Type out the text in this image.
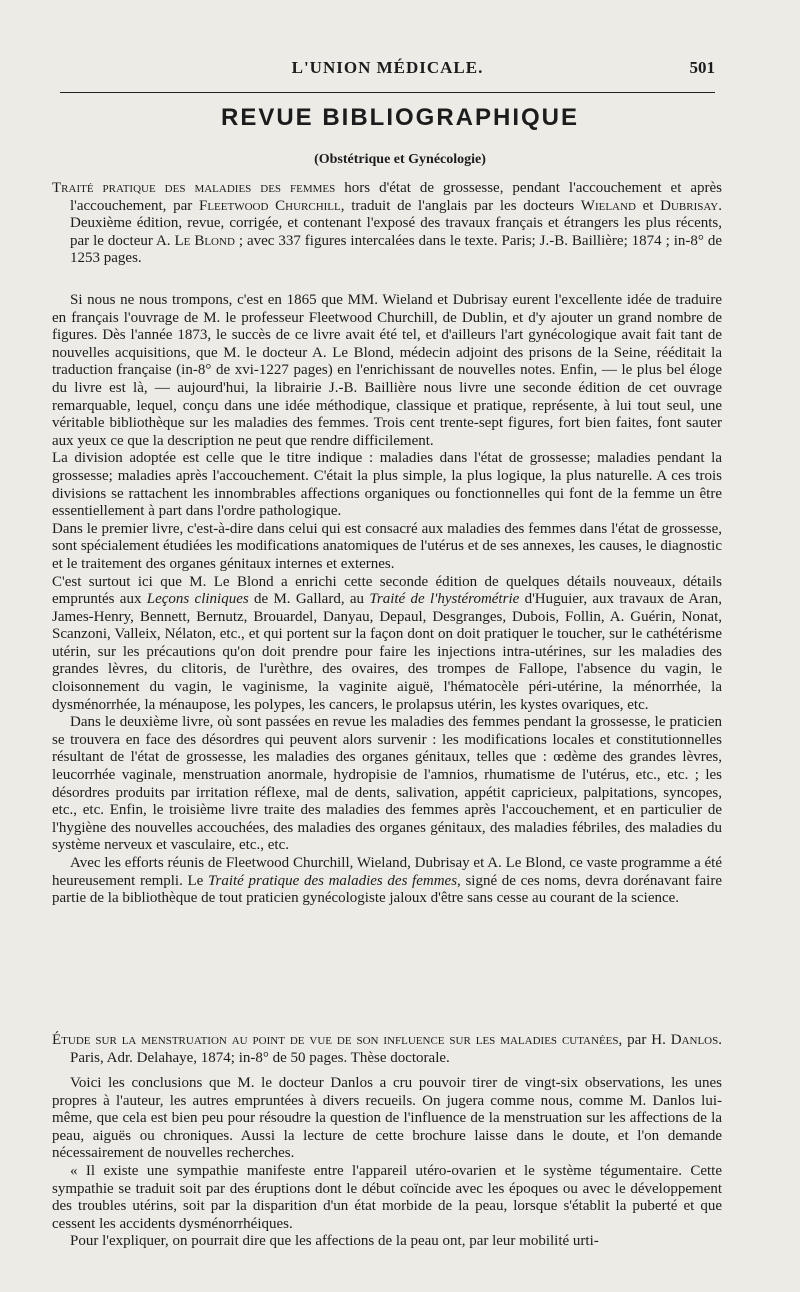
L'UNION MÉDICALE.	501
REVUE BIBLIOGRAPHIQUE
(Obstétrique et Gynécologie)

Traité pratique des maladies des femmes hors d'état de grossesse, pendant l'accouchement et après l'accouchement, par Fleetwood Churchill, traduit de l'anglais par les docteurs Wieland et Dubrisay. Deuxième édition, revue, corrigée, et contenant l'exposé des travaux français et étrangers les plus récents, par le docteur A. Le Blond ; avec 337 figures intercalées dans le texte. Paris; J.-B. Baillière; 1874 ; in-8° de 1253 pages.

Si nous ne nous trompons, c'est en 1865 que MM. Wieland et Dubrisay eurent l'excellente idée de traduire en français l'ouvrage de M. le professeur Fleetwood Churchill, de Dublin, et d'y ajouter un grand nombre de figures. Dès l'année 1873, le succès de ce livre avait été tel, et d'ailleurs l'art gynécologique avait fait tant de nouvelles acquisitions, que M. le docteur A. Le Blond, médecin adjoint des prisons de la Seine, rééditait la traduction française (in-8° de xvi-1227 pages) en l'enrichissant de nouvelles notes. Enfin, — le plus bel éloge du livre est là, — aujourd'hui, la librairie J.-B. Baillière nous livre une seconde édition de cet ouvrage remarquable, lequel, conçu dans une idée méthodique, classique et pratique, représente, à lui tout seul, une véritable bibliothèque sur les maladies des femmes. Trois cent trente-sept figures, fort bien faites, font sauter aux yeux ce que la description ne peut que rendre difficilement.

La division adoptée est celle que le titre indique : maladies dans l'état de grossesse; maladies pendant la grossesse; maladies après l'accouchement. C'était la plus simple, la plus logique, la plus naturelle. A ces trois divisions se rattachent les innombrables affections organiques ou fonctionnelles qui font de la femme un être essentiellement à part dans l'ordre pathologique.

Dans le premier livre, c'est-à-dire dans celui qui est consacré aux maladies des femmes dans l'état de grossesse, sont spécialement étudiées les modifications anatomiques de l'utérus et de ses annexes, les causes, le diagnostic et le traitement des organes génitaux internes et externes.

C'est surtout ici que M. Le Blond a enrichi cette seconde édition de quelques détails nouveaux, détails empruntés aux Leçons cliniques de M. Gallard, au Traité de l'hystérométrie d'Huguier, aux travaux de Aran, James-Henry, Bennett, Bernutz, Brouardel, Danyau, Depaul, Desgranges, Dubois, Follin, A. Guérin, Nonat, Scanzoni, Valleix, Nélaton, etc., et qui portent sur la façon dont on doit pratiquer le toucher, sur le cathétérisme utérin, sur les précautions qu'on doit prendre pour faire les injections intra-utérines, sur les maladies des grandes lèvres, du clitoris, de l'urèthre, des ovaires, des trompes de Fallope, l'absence du vagin, le cloisonnement du vagin, le vaginisme, la vaginite aiguë, l'hématocèle péri-utérine, la ménorrhée, la dysménorrhée, la ménaupose, les polypes, les cancers, le prolapsus utérin, les kystes ovariques, etc.

Dans le deuxième livre, où sont passées en revue les maladies des femmes pendant la grossesse, le praticien se trouvera en face des désordres qui peuvent alors survenir : les modifications locales et constitutionnelles résultant de l'état de grossesse, les maladies des organes génitaux, telles que : œdème des grandes lèvres, leucorrhée vaginale, menstruation anormale, hydropisie de l'amnios, rhumatisme de l'utérus, etc., etc. ; les désordres produits par irritation réflexe, mal de dents, salivation, appétit capricieux, palpitations, syncopes, etc., etc. Enfin, le troisième livre traite des maladies des femmes après l'accouchement, et en particulier de l'hygiène des nouvelles accouchées, des maladies des organes génitaux, des maladies fébriles, des maladies du système nerveux et vasculaire, etc., etc.

Avec les efforts réunis de Fleetwood Churchill, Wieland, Dubrisay et A. Le Blond, ce vaste programme a été heureusement rempli. Le Traité pratique des maladies des femmes, signé de ces noms, devra dorénavant faire partie de la bibliothèque de tout praticien gynécologiste jaloux d'être sans cesse au courant de la science.

Étude sur la menstruation au point de vue de son influence sur les maladies cutanées, par H. Danlos. Paris, Adr. Delahaye, 1874; in-8° de 50 pages. Thèse doctorale.

Voici les conclusions que M. le docteur Danlos a cru pouvoir tirer de vingt-six observations, les unes propres à l'auteur, les autres empruntées à divers recueils. On jugera comme nous, comme M. Danlos lui-même, que cela est bien peu pour résoudre la question de l'influence de la menstruation sur les affections de la peau, aiguës ou chroniques. Aussi la lecture de cette brochure laisse dans le doute, et l'on demande nécessairement de nouvelles recherches.

« Il existe une sympathie manifeste entre l'appareil utéro-ovarien et le système tégumentaire. Cette sympathie se traduit soit par des éruptions dont le début coïncide avec les époques ou avec le développement des troubles utérins, soit par la disparition d'un état morbide de la peau, lorsque s'établit la puberté et que cessent les accidents dysménorrhéiques.

Pour l'expliquer, on pourrait dire que les affections de la peau ont, par leur mobilité urti-
